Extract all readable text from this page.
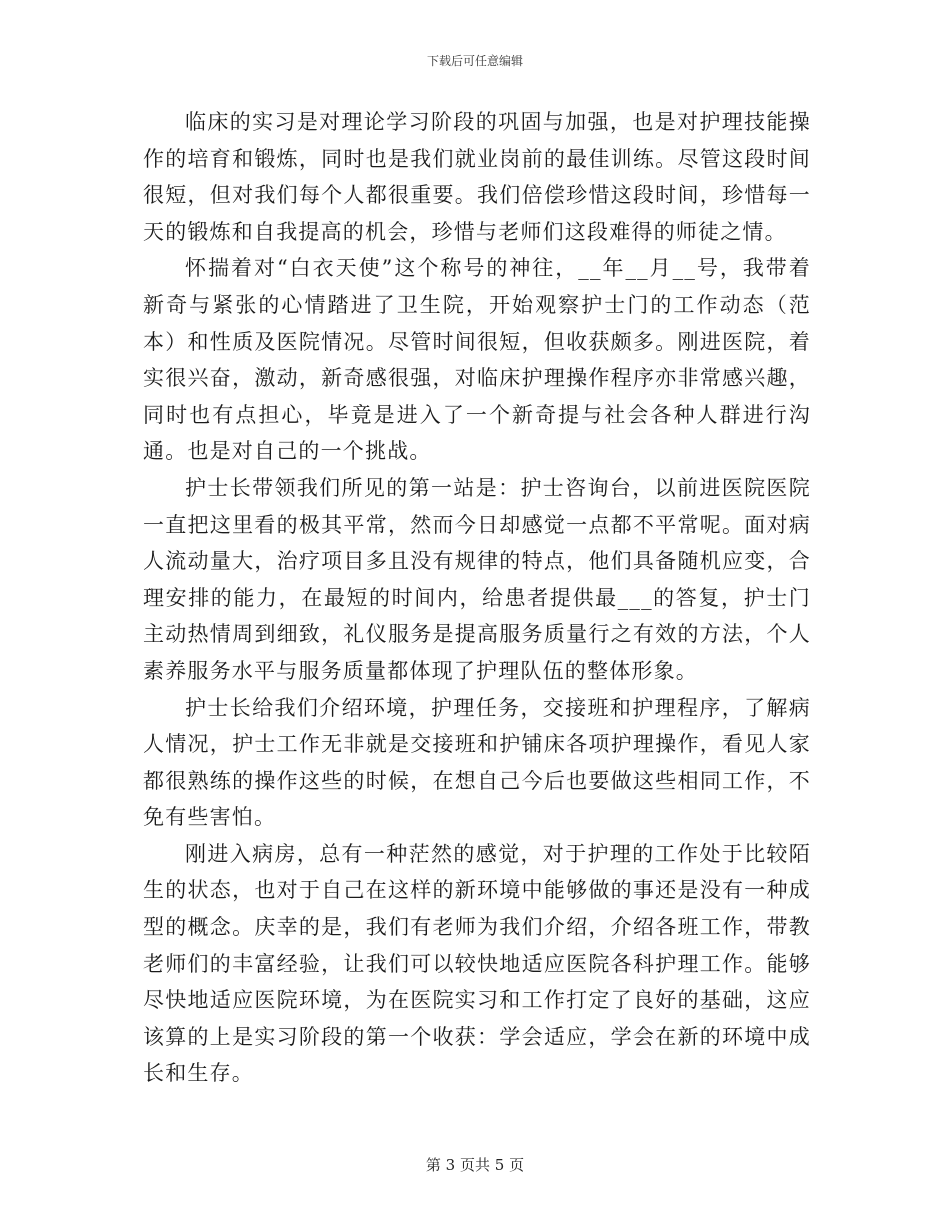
下载后可任意编辑

临床的实习是对理论学习阶段的巩固与加强，也是对护理技能操作的培育和锻炼，同时也是我们就业岗前的最佳训练。尽管这段时间很短，但对我们每个人都很重要。我们倍偿珍惜这段时间，珍惜每一天的锻炼和自我提高的机会，珍惜与老师们这段难得的师徒之情。

怀揣着对“白衣天使”这个称号的神往，__年__月__号，我带着新奇与紧张的心情踏进了卫生院，开始观察护士门的工作动态（范本）和性质及医院情况。尽管时间很短，但收获颇多。刚进医院，着实很兴奋，激动，新奇感很强，对临床护理操作程序亦非常感兴趣，同时也有点担心，毕竟是进入了一个新奇提与社会各种人群进行沟通。也是对自己的一个挑战。

护士长带领我们所见的第一站是：护士咨询台，以前进医院医院一直把这里看的极其平常，然而今日却感觉一点都不平常呢。面对病人流动量大，治疗项目多且没有规律的特点，他们具备随机应变，合理安排的能力，在最短的时间内，给患者提供最___的答复，护士门主动热情周到细致，礼仪服务是提高服务质量行之有效的方法，个人素养服务水平与服务质量都体现了护理队伍的整体形象。

护士长给我们介绍环境，护理任务，交接班和护理程序，了解病人情况，护士工作无非就是交接班和护铺床各项护理操作，看见人家都很熟练的操作这些的时候，在想自己今后也要做这些相同工作，不免有些害怕。

刚进入病房，总有一种茫然的感觉，对于护理的工作处于比较陌生的状态，也对于自己在这样的新环境中能够做的事还是没有一种成型的概念。庆幸的是，我们有老师为我们介绍，介绍各班工作，带教老师们的丰富经验，让我们可以较快地适应医院各科护理工作。能够尽快地适应医院环境，为在医院实习和工作打定了良好的基础，这应该算的上是实习阶段的第一个收获：学会适应，学会在新的环境中成长和生存。

第 3 页共 5 页
